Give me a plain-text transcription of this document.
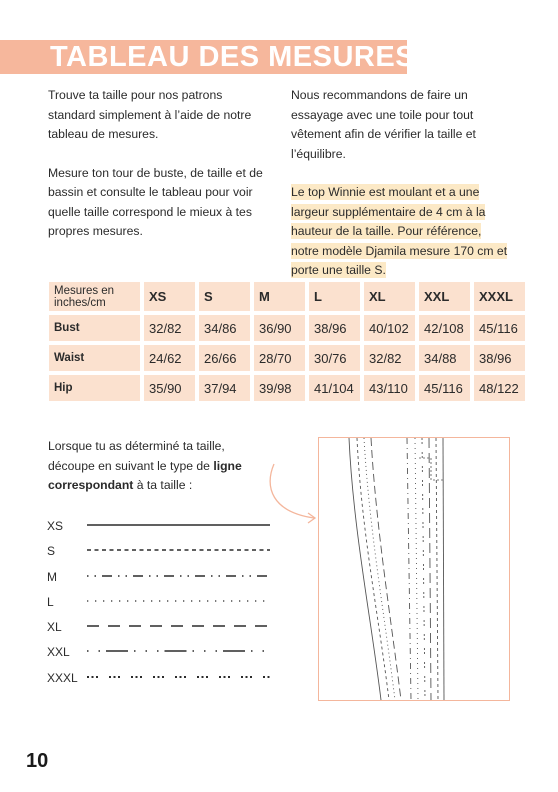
TABLEAU DES MESURES

Trouve ta taille pour nos patrons standard simplement à l’aide de notre tableau de mesures.

Mesure ton tour de buste, de taille et de bassin et consulte le tableau pour voir quelle taille correspond le mieux à tes propres mesures.

Nous recommandons de faire un essayage avec une toile pour tout vêtement afin de vérifier la taille et l’équilibre.

Le top Winnie est moulant et a une largeur supplémentaire de 4 cm à la hauteur de la taille. Pour référence, notre modèle Djamila mesure 170 cm et porte une taille S.

Mesures en inches/cm	XS	S	M	L	XL	XXL	XXXL
Bust	32/82	34/86	36/90	38/96	40/102	42/108	45/116
Waist	24/62	26/66	28/70	30/76	32/82	34/88	38/96
Hip	35/90	37/94	39/98	41/104	43/110	45/116	48/122
Lorsque tu as déterminé ta taille, découpe en suivant le type de ligne correspondant à ta taille :
XS
S
M
L
XL
XXL
XXXL
10
